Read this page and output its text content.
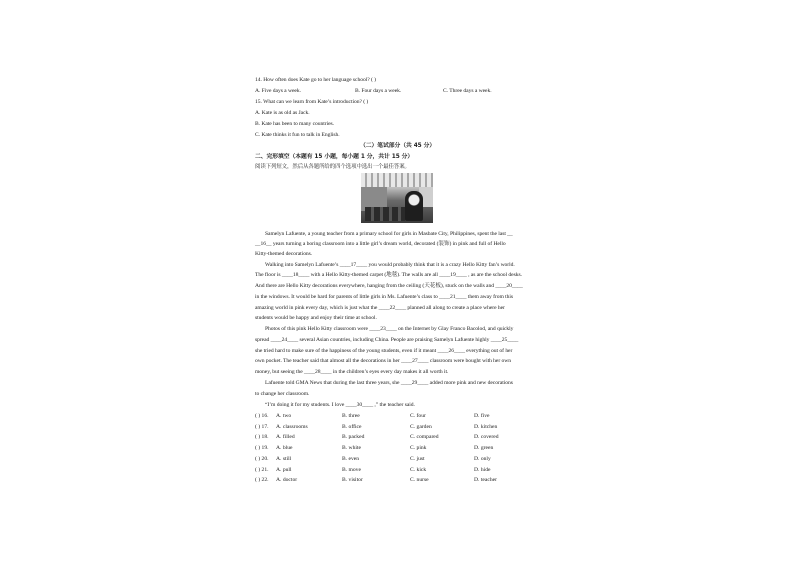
14. How often does Kate go to her language school? ( )
A. Five days a week.	B. Four days a week.	C. Three days a week.
15. What can we learn from Kate’s introduction? ( )
A. Kate is as old as Jack.
B. Kate has been to many countries.
C. Kate thinks it fun to talk in English.
（二）笔试部分（共 45 分）
二、完形填空（本题有 15 小题，每小题 1 分，共计 15 分）
阅读下列短文，然后从各题所给的四个选项中选出一个最佳答案。
Samelyn Lafuente, a young teacher from a primary school for girls in Masbate City, Philippines, spent the last __
__16__ years turning a boring classroom into a little girl’s dream world, decorated (装饰) in pink and full of Hello
Kitty-themed decorations.
Walking into Samelyn Lafuente’s ____17____ you would probably think that it is a crazy Hello Kitty fan’s world.
The floor is ____18____ with a Hello Kitty-themed carpet (地毯). The walls are all ____19____ , as are the school desks.
And there are Hello Kitty decorations everywhere, hanging from the ceiling (天花板), stuck on the walls and ____20____
in the windows. It would be hard for parents of little girls in Ms. Lafuente’s class to ____21____ them away from this
amazing world in pink every day, which is just what the ____22____ planned all along to create a place where her
students would be happy and enjoy their time at school.
Photos of this pink Hello Kitty classroom were ____23____ on the Internet by Glay Franco Bacolod, and quickly
spread ____24____ several Asian countries, including China. People are praising Samelyn Lafuente highly ____25____
she tried hard to make sure of the happiness of the young students, even if it meant ____26____ everything out of her
own pocket. The teacher said that almost all the decorations in her ____27____ classroom were bought with her own
money, but seeing the ____28____ in the children’s eyes every day makes it all worth it.
Lafuente told GMA News that during the last three years, she ____29____ added more pink and new decorations
to change her classroom.
“I’m doing it for my students. I love ____30____ ,” the teacher said.
( ) 16. A. two	B. three	C. four	D. five
( ) 17. A. classrooms	B. office	C. garden	D. kitchen
( ) 18. A. filled	B. packed	C. compared	D. covered
( ) 19. A. blue	B. white	C. pink	D. green
( ) 20. A. still	B. even	C. just	D. only
( ) 21. A. pull	B. move	C. kick	D. hide
( ) 22. A. doctor	B. visitor	C. nurse	D. teacher
